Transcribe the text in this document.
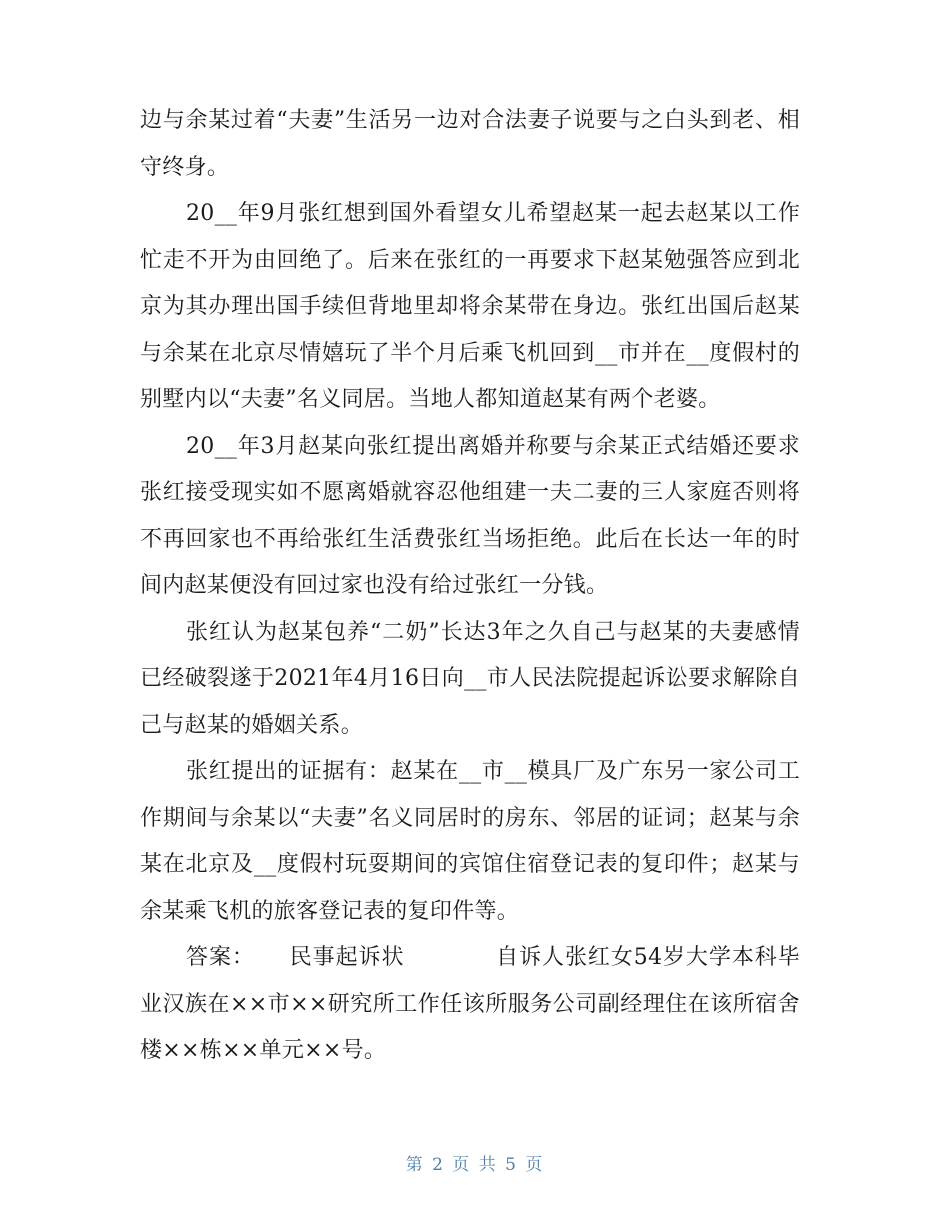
边与余某过着“夫妻”生活另一边对合法妻子说要与之白头到老、相守终身。

20__年9月张红想到国外看望女儿希望赵某一起去赵某以工作忙走不开为由回绝了。后来在张红的一再要求下赵某勉强答应到北京为其办理出国手续但背地里却将余某带在身边。张红出国后赵某与余某在北京尽情嬉玩了半个月后乘飞机回到__市并在__度假村的别墅内以“夫妻”名义同居。当地人都知道赵某有两个老婆。

20__年3月赵某向张红提出离婚并称要与余某正式结婚还要求张红接受现实如不愿离婚就容忍他组建一夫二妻的三人家庭否则将不再回家也不再给张红生活费张红当场拒绝。此后在长达一年的时间内赵某便没有回过家也没有给过张红一分钱。

张红认为赵某包养“二奶”长达3年之久自己与赵某的夫妻感情已经破裂遂于2021年4月16日向__市人民法院提起诉讼要求解除自己与赵某的婚姻关系。

张红提出的证据有：赵某在__市__模具厂及广东另一家公司工作期间与余某以“夫妻”名义同居时的房东、邻居的证词；赵某与余某在北京及__度假村玩耍期间的宾馆住宿登记表的复印件；赵某与余某乘飞机的旅客登记表的复印件等。

答案：　　民事起诉状　　　　自诉人张红女54岁大学本科毕业汉族在××市××研究所工作任该所服务公司副经理住在该所宿舍楼××栋××单元××号。

第 2 页 共 5 页
